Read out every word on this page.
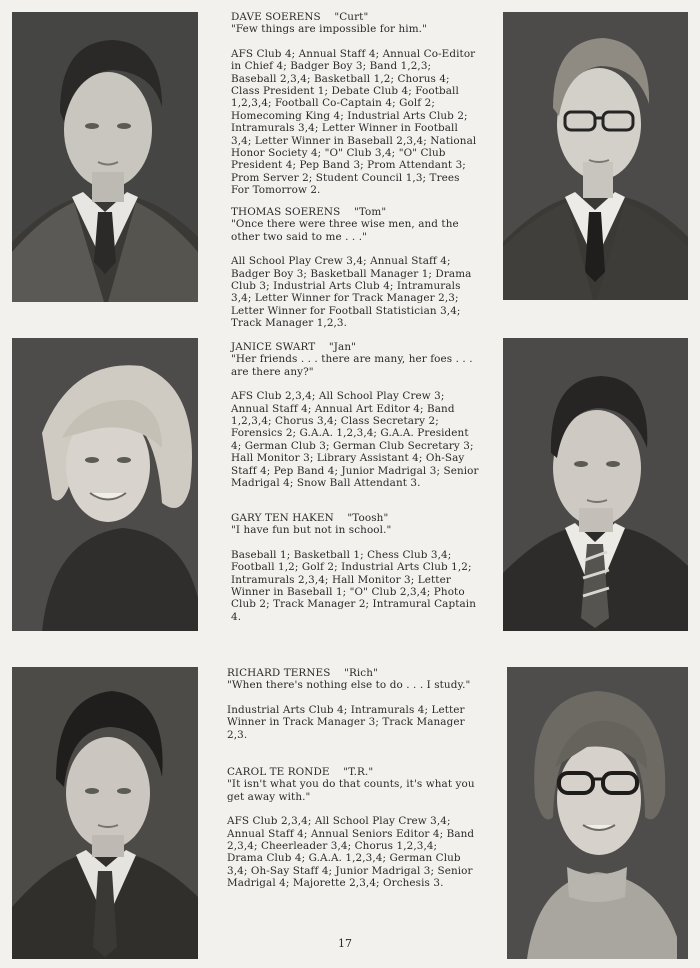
DAVE SOERENS "Curt"

"Few things are impossible for him."

AFS Club 4; Annual Staff 4; Annual Co-Editor in Chief 4; Badger Boy 3; Band 1,2,3; Baseball 2,3,4; Basketball 1,2; Chorus 4; Class President 1; Debate Club 4; Football 1,2,3,4; Football Co-Captain 4; Golf 2; Homecoming King 4; Industrial Arts Club 2; Intramurals 3,4; Letter Winner in Football 3,4; Letter Winner in Baseball 2,3,4; National Honor Society 4; "O" Club 3,4; "O" Club President 4; Pep Band 3; Prom Attendant 3; Prom Server 2; Student Council 1,3; Trees For Tomorrow 2.

THOMAS SOERENS "Tom"

"Once there were three wise men, and the other two said to me . . ."

All School Play Crew 3,4; Annual Staff 4; Badger Boy 3; Basketball Manager 1; Drama Club 3; Industrial Arts Club 4; Intramurals 3,4; Letter Winner for Track Manager 2,3; Letter Winner for Football Statistician 3,4; Track Manager 1,2,3.

JANICE SWART "Jan"

"Her friends . . . there are many, her foes . . . are there any?"

AFS Club 2,3,4; All School Play Crew 3; Annual Staff 4; Annual Art Editor 4; Band 1,2,3,4; Chorus 3,4; Class Secretary 2; Forensics 2; G.A.A. 1,2,3,4; G.A.A. President 4; German Club 3; German Club Secretary 3; Hall Monitor 3; Library Assistant 4; Oh-Say Staff 4; Pep Band 4; Junior Madrigal 3; Senior Madrigal 4; Snow Ball Attendant 3.

GARY TEN HAKEN "Toosh"

"I have fun but not in school."

Baseball 1; Basketball 1; Chess Club 3,4; Football 1,2; Golf 2; Industrial Arts Club 1,2; Intramurals 2,3,4; Hall Monitor 3; Letter Winner in Baseball 1; "O" Club 2,3,4; Photo Club 2; Track Manager 2; Intramural Captain 4.

RICHARD TERNES "Rich"

"When there's nothing else to do . . . I study."

Industrial Arts Club 4; Intramurals 4; Letter Winner in Track Manager 3; Track Manager 2,3.

CAROL TE RONDE "T.R."

"It isn't what you do that counts, it's what you get away with."

AFS Club 2,3,4; All School Play Crew 3,4; Annual Staff 4; Annual Seniors Editor 4; Band 2,3,4; Cheerleader 3,4; Chorus 1,2,3,4; Drama Club 4; G.A.A. 1,2,3,4; German Club 3,4; Oh-Say Staff 4; Junior Madrigal 3; Senior Madrigal 4; Majorette 2,3,4; Orchesis 3.

17
